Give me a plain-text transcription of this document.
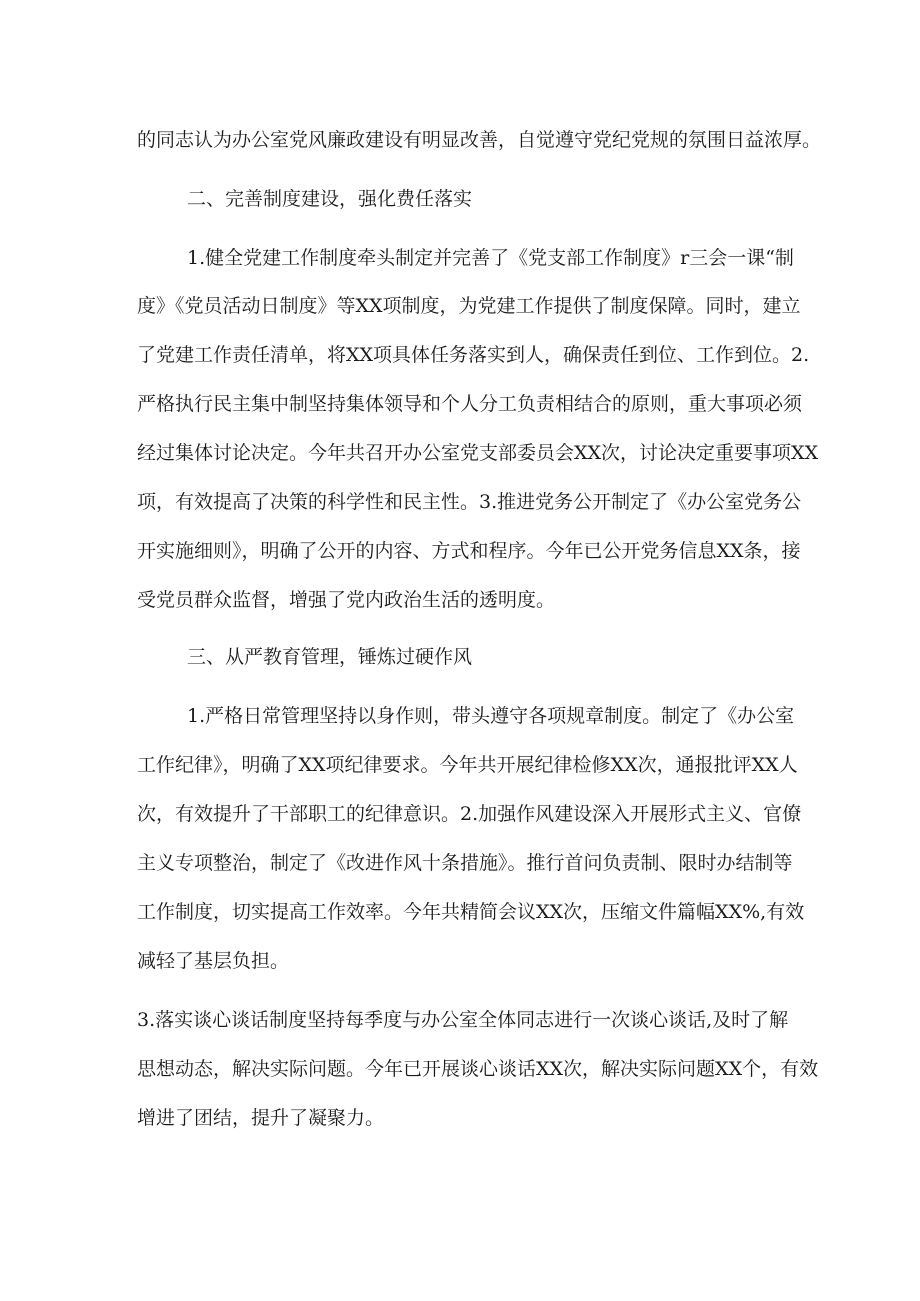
的同志认为办公室党风廉政建设有明显改善，自觉遵守党纪党规的氛围日益浓厚。
二、完善制度建设，强化费任落实
1.健全党建工作制度牵头制定并完善了《党支部工作制度》r三会一课“制
度》《党员活动日制度》等XX项制度，为党建工作提供了制度保障。同时，建立
了党建工作责任清单，将XX项具体任务落实到人，确保责任到位、工作到位。2.
严格执行民主集中制坚持集体领导和个人分工负责相结合的原则，重大事项必须
经过集体讨论决定。今年共召开办公室党支部委员会XX次，讨论决定重要事项XX
项，有效提高了决策的科学性和民主性。3.推进党务公开制定了《办公室党务公
开实施细则》，明确了公开的内容、方式和程序。今年已公开党务信息XX条，接
受党员群众监督，增强了党内政治生活的透明度。
三、从严教育管理，锤炼过硬作风
1.严格日常管理坚持以身作则，带头遵守各项规章制度。制定了《办公室
工作纪律》，明确了XX项纪律要求。今年共开展纪律检修XX次，通报批评XX人
次，有效提升了干部职工的纪律意识。2.加强作风建设深入开展形式主义、官僚
主义专项整治，制定了《改进作风十条措施》。推行首问负责制、限时办结制等
工作制度，切实提高工作效率。今年共精简会议XX次，压缩文件篇幅XX%,有效
减轻了基层负担。
3.落实谈心谈话制度坚持每季度与办公室全体同志进行一次谈心谈话,及时了解
思想动态，解决实际问题。今年已开展谈心谈话XX次，解决实际问题XX个，有效
增进了团结，提升了凝聚力。
